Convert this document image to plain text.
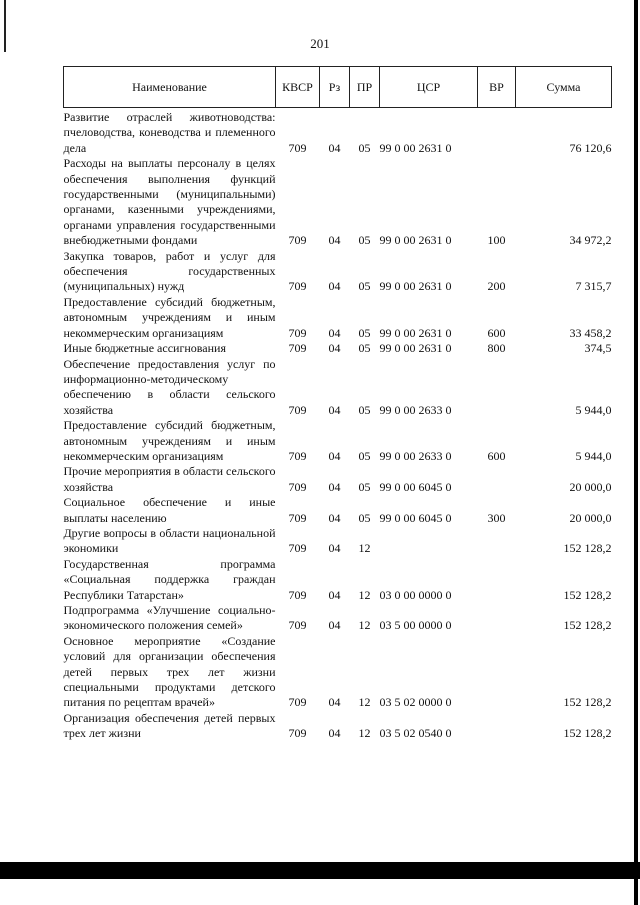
201
Наименование	КВСР	Рз	ПР	ЦСР	ВР	Сумма
Развитие отраслей животноводства: пчеловодства, коневодства и племенного дела	709	04	05	99 0 00 2631 0		76 120,6
Расходы на выплаты персоналу в целях обеспечения выполнения функций государственными (муниципальными) органами, казенными учреждениями, органами управления государственными внебюджетными фондами	709	04	05	99 0 00 2631 0	100	34 972,2
Закупка товаров, работ и услуг для обеспечения государственных (муниципальных) нужд	709	04	05	99 0 00 2631 0	200	7 315,7
Предоставление субсидий бюджетным, автономным учреждениям и иным некоммерческим организациям	709	04	05	99 0 00 2631 0	600	33 458,2
Иные бюджетные ассигнования	709	04	05	99 0 00 2631 0	800	374,5
Обеспечение предоставления услуг по информационно-методическому обеспечению в области сельского хозяйства	709	04	05	99 0 00 2633 0		5 944,0
Предоставление субсидий бюджетным, автономным учреждениям и иным некоммерческим организациям	709	04	05	99 0 00 2633 0	600	5 944,0
Прочие мероприятия в области сельского хозяйства	709	04	05	99 0 00 6045 0		20 000,0
Социальное обеспечение и иные выплаты населению	709	04	05	99 0 00 6045 0	300	20 000,0
Другие вопросы в области национальной экономики	709	04	12			152 128,2
Государственная программа «Социальная поддержка граждан Республики Татарстан»	709	04	12	03 0 00 0000 0		152 128,2
Подпрограмма «Улучшение социально-экономического положения семей»	709	04	12	03 5 00 0000 0		152 128,2
Основное мероприятие «Создание условий для организации обеспечения детей первых трех лет жизни специальными продуктами детского питания по рецептам врачей»	709	04	12	03 5 02 0000 0		152 128,2
Организация обеспечения детей первых трех лет жизни	709	04	12	03 5 02 0540 0		152 128,2
